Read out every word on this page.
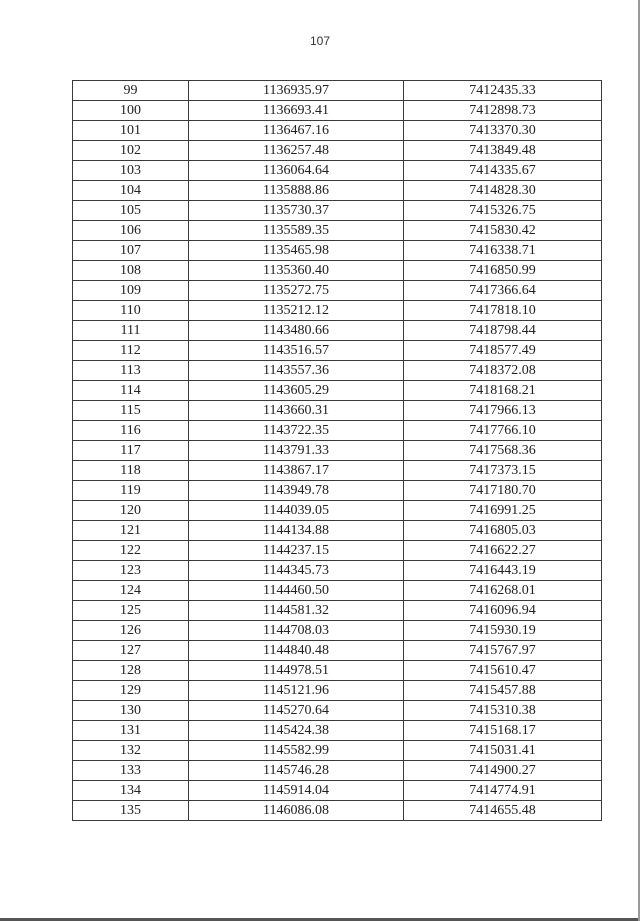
107
99	1136935.97	7412435.33
100	1136693.41	7412898.73
101	1136467.16	7413370.30
102	1136257.48	7413849.48
103	1136064.64	7414335.67
104	1135888.86	7414828.30
105	1135730.37	7415326.75
106	1135589.35	7415830.42
107	1135465.98	7416338.71
108	1135360.40	7416850.99
109	1135272.75	7417366.64
110	1135212.12	7417818.10
111	1143480.66	7418798.44
112	1143516.57	7418577.49
113	1143557.36	7418372.08
114	1143605.29	7418168.21
115	1143660.31	7417966.13
116	1143722.35	7417766.10
117	1143791.33	7417568.36
118	1143867.17	7417373.15
119	1143949.78	7417180.70
120	1144039.05	7416991.25
121	1144134.88	7416805.03
122	1144237.15	7416622.27
123	1144345.73	7416443.19
124	1144460.50	7416268.01
125	1144581.32	7416096.94
126	1144708.03	7415930.19
127	1144840.48	7415767.97
128	1144978.51	7415610.47
129	1145121.96	7415457.88
130	1145270.64	7415310.38
131	1145424.38	7415168.17
132	1145582.99	7415031.41
133	1145746.28	7414900.27
134	1145914.04	7414774.91
135	1146086.08	7414655.48
